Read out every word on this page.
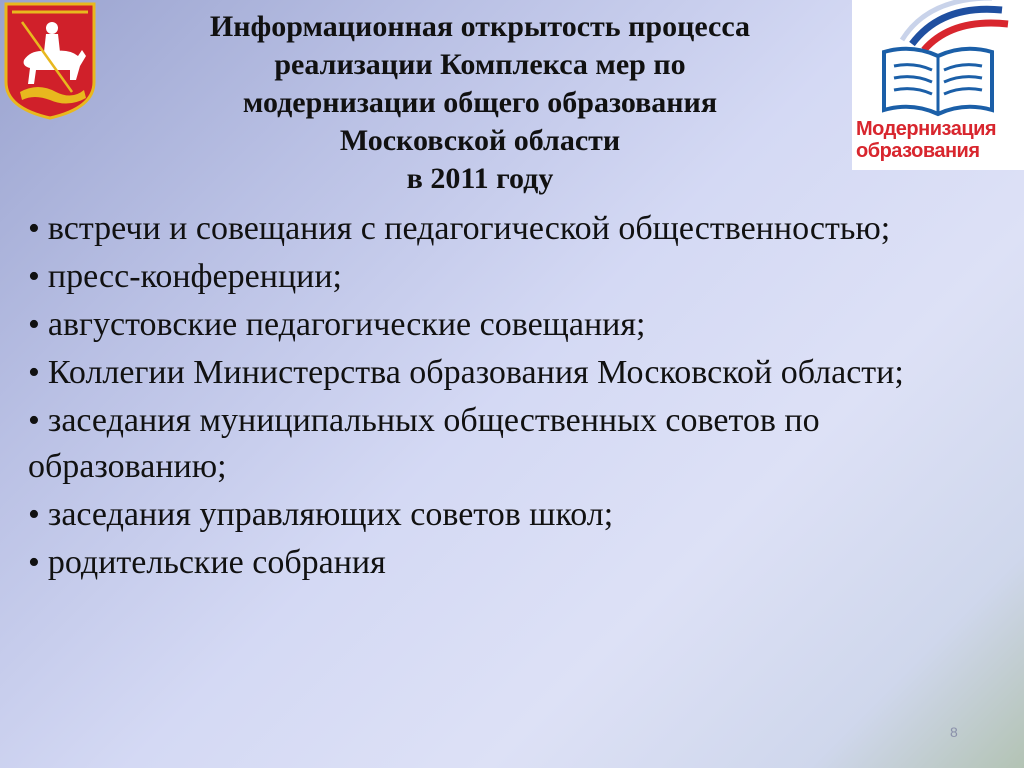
Информационная открытость процесса
реализации Комплекса мер по
модернизации общего образования
Московской области
в 2011 году
Модернизация
образования
• встречи и совещания с педагогической общественностью;
• пресс-конференции;
• августовские педагогические совещания;
• Коллегии Министерства образования Московской области;
• заседания муниципальных общественных советов по образованию;
• заседания управляющих советов школ;
• родительские собрания
8
